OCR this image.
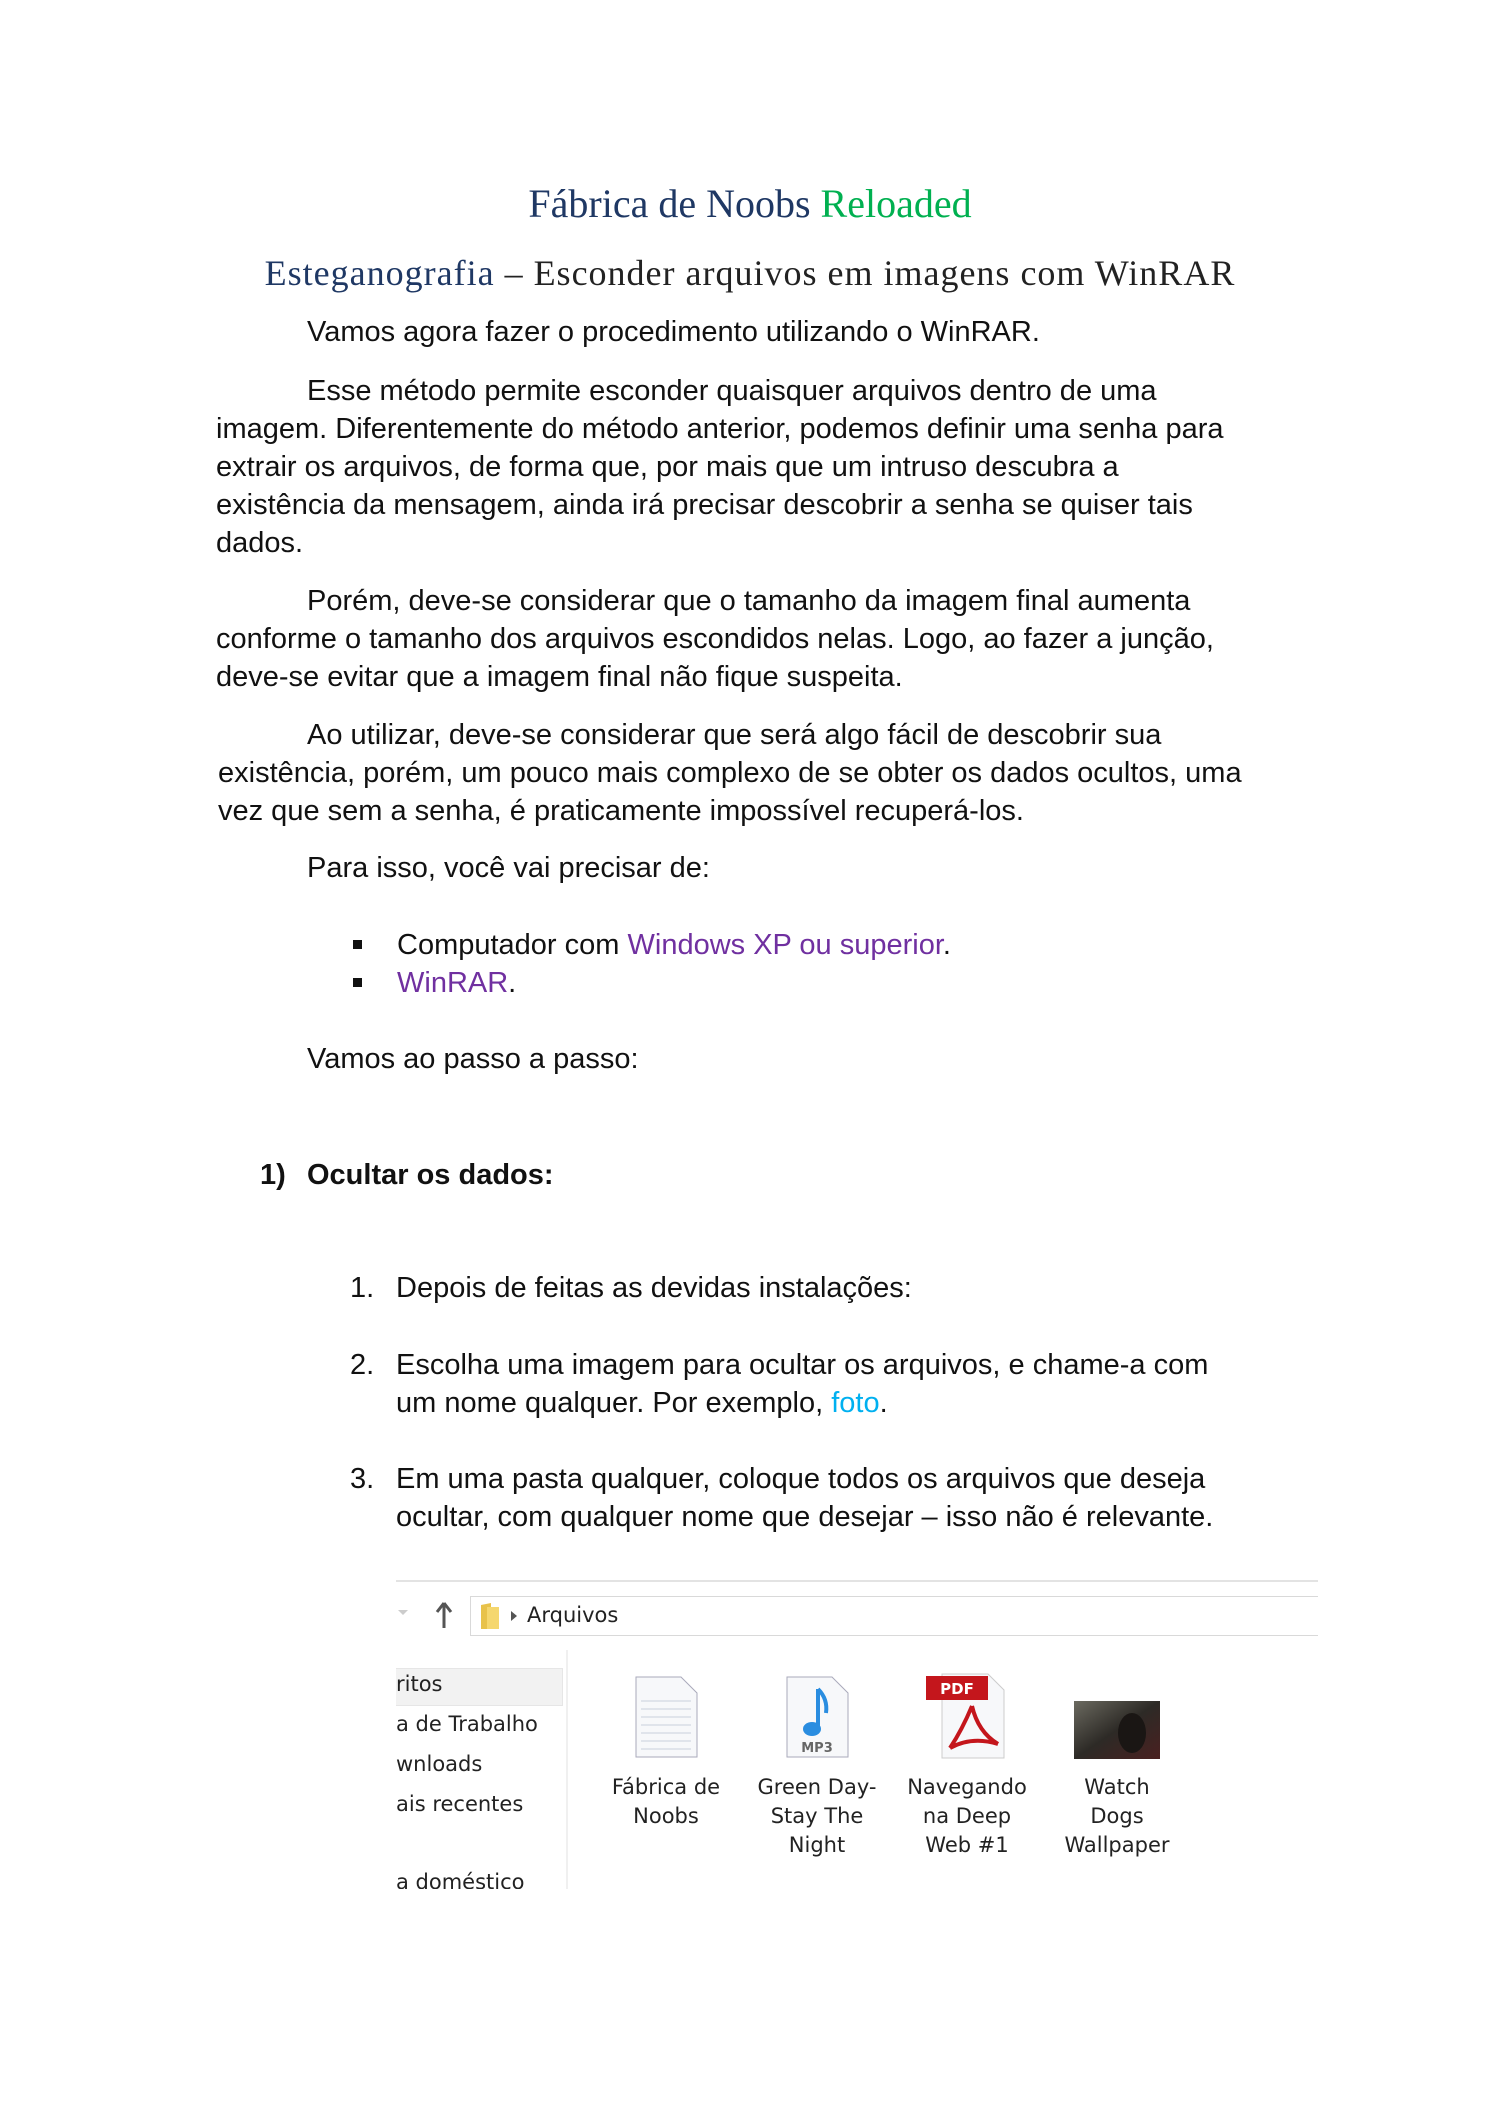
Fábrica de Noobs Reloaded
Esteganografia – Esconder arquivos em imagens com WinRAR
Vamos agora fazer o procedimento utilizando o WinRAR.
Esse método permite esconder quaisquer arquivos dentro de uma
imagem. Diferentemente do método anterior, podemos definir uma senha para
extrair os arquivos, de forma que, por mais que um intruso descubra a
existência da mensagem, ainda irá precisar descobrir a senha se quiser tais
dados.
Porém, deve-se considerar que o tamanho da imagem final aumenta
conforme o tamanho dos arquivos escondidos nelas. Logo, ao fazer a junção,
deve-se evitar que a imagem final não fique suspeita.
Ao utilizar, deve-se considerar que será algo fácil de descobrir sua
existência, porém, um pouco mais complexo de se obter os dados ocultos, uma
vez que sem a senha, é praticamente impossível recuperá-los.
Para isso, você vai precisar de:
Computador com Windows XP ou superior.
WinRAR.
Vamos ao passo a passo:
1) Ocultar os dados:
1. Depois de feitas as devidas instalações:
2. Escolha uma imagem para ocultar os arquivos, e chame-a com
um nome qualquer. Por exemplo, foto.
3. Em uma pasta qualquer, coloque todos os arquivos que deseja
ocultar, com qualquer nome que desejar – isso não é relevante.
Arquivos
ritos
a de Trabalho
wnloads
ais recentes
a doméstico
Fábrica de
Noobs
MP3
Green Day-
Stay The
Night
PDF
Navegando
na Deep
Web #1
Watch
Dogs
Wallpaper
